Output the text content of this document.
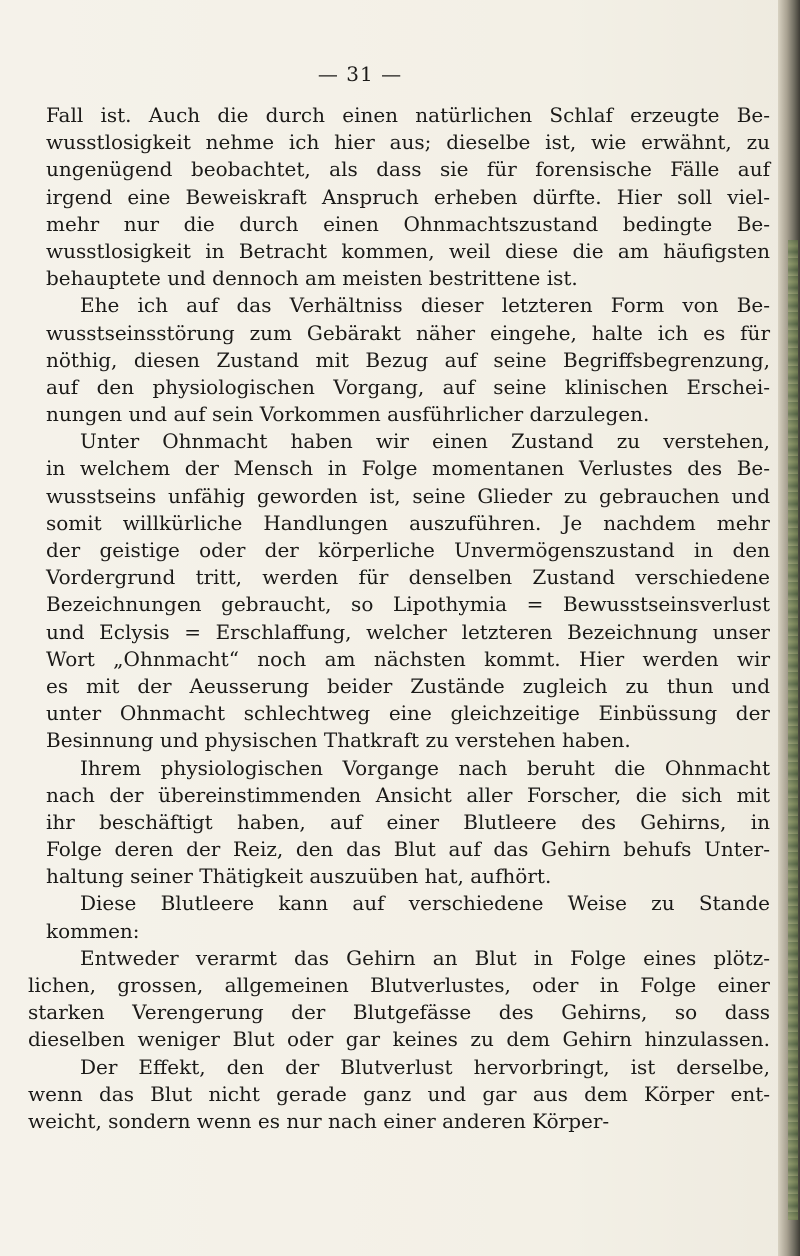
— 31 —
Fall ist. Auch die durch einen natürlichen Schlaf erzeugte Be-
wusstlosigkeit nehme ich hier aus; dieselbe ist, wie erwähnt, zu
ungenügend beobachtet, als dass sie für forensische Fälle auf
irgend eine Beweiskraft Anspruch erheben dürfte. Hier soll viel-
mehr nur die durch einen Ohnmachtszustand bedingte Be-
wusstlosigkeit in Betracht kommen, weil diese die am häufigsten
behauptete und dennoch am meisten bestrittene ist.
Ehe ich auf das Verhältniss dieser letzteren Form von Be-
wusstseinsstörung zum Gebärakt näher eingehe, halte ich es für
nöthig, diesen Zustand mit Bezug auf seine Begriffsbegrenzung,
auf den physiologischen Vorgang, auf seine klinischen Erschei-
nungen und auf sein Vorkommen ausführlicher darzulegen.
Unter Ohnmacht haben wir einen Zustand zu verstehen,
in welchem der Mensch in Folge momentanen Verlustes des Be-
wusstseins unfähig geworden ist, seine Glieder zu gebrauchen und
somit willkürliche Handlungen auszuführen. Je nachdem mehr
der geistige oder der körperliche Unvermögenszustand in den
Vordergrund tritt, werden für denselben Zustand verschiedene
Bezeichnungen gebraucht, so Lipothymia = Bewusstseinsverlust
und Eclysis = Erschlaffung, welcher letzteren Bezeichnung unser
Wort „Ohnmacht“ noch am nächsten kommt. Hier werden wir
es mit der Aeusserung beider Zustände zugleich zu thun und
unter Ohnmacht schlechtweg eine gleichzeitige Einbüssung der
Besinnung und physischen Thatkraft zu verstehen haben.
Ihrem physiologischen Vorgange nach beruht die Ohnmacht
nach der übereinstimmenden Ansicht aller Forscher, die sich mit
ihr beschäftigt haben, auf einer Blutleere des Gehirns, in
Folge deren der Reiz, den das Blut auf das Gehirn behufs Unter-
haltung seiner Thätigkeit auszuüben hat, aufhört.
Diese Blutleere kann auf verschiedene Weise zu Stande
kommen:
Entweder verarmt das Gehirn an Blut in Folge eines plötz-
lichen, grossen, allgemeinen Blutverlustes, oder in Folge einer
starken Verengerung der Blutgefässe des Gehirns, so dass
dieselben weniger Blut oder gar keines zu dem Gehirn hinzulassen.
Der Effekt, den der Blutverlust hervorbringt, ist derselbe,
wenn das Blut nicht gerade ganz und gar aus dem Körper ent-
weicht, sondern wenn es nur nach einer anderen Körper-
